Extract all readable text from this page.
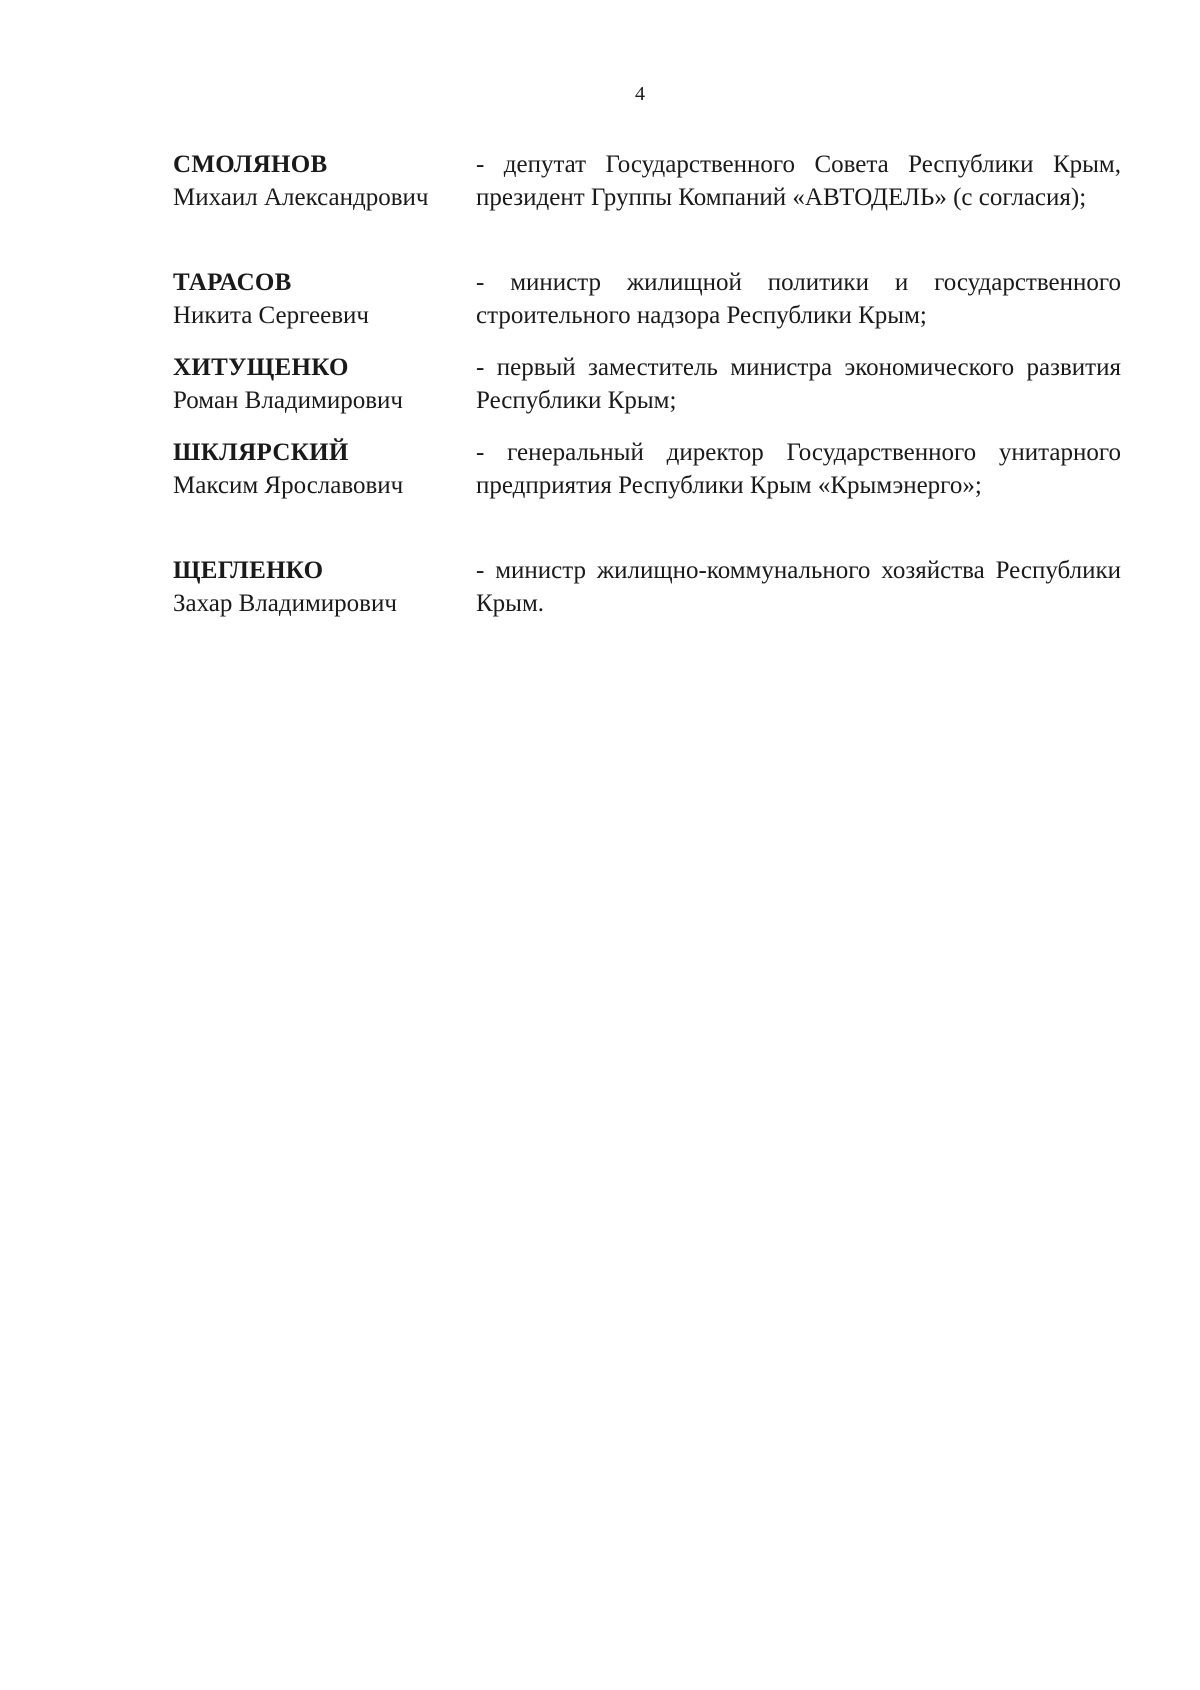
4
СМОЛЯНОВ
Михаил Александрович
- депутат Государственного Совета Республики Крым, президент Группы Компаний «АВТОДЕЛЬ» (с согласия);
ТАРАСОВ
Никита Сергеевич
- министр жилищной политики и государственного строительного надзора Республики Крым;
ХИТУЩЕНКО
Роман Владимирович
- первый заместитель министра экономического развития Республики Крым;
ШКЛЯРСКИЙ
Максим Ярославович
- генеральный директор Государственного унитарного предприятия Республики Крым «Крымэнерго»;
ЩЕГЛЕНКО
Захар Владимирович
- министр жилищно-коммунального хозяйства Республики Крым.
